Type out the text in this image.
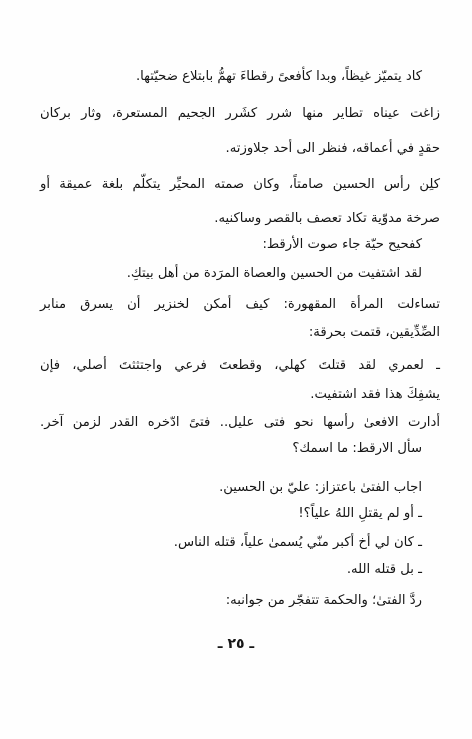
كاد يتميّز غيظاً، وبدا كأفعىً رقطاءَ تهمُّ بابتلاع ضحيّتها.
زاغت عيناه تطاير منها شرر كشَرر الجحيم المستعرة، وثار بركان
حقدٍ في أعماقه، فنظر الى أحد جلاوزته.
كلِن رأس الحسين صامتاً، وكان صمته المحيِّر يتكلّم بلغة عميقة أو
صرخة مدوّية تكاد تعصف بالقصر وساكنيه.
كفحيح حيّة جاء صوت الأرقط:
لقد اشتفيت من الحسين والعصاة المرَدة من أهل بيتكِ.
تساءلت المرأة المقهورة: كيف أمكن لخنزير أن يسرق منابر
الصِّدِّيقين، قتمت بحرقة:
ـ لعمري لقد قتلتَ كهلي، وقطعتَ فرعي واجتثثتَ أصلي، فإن
يشفِكَ هذا فقد اشتفيت.
أدارت الافعىٰ رأسها نحو فتى عليل.. فتىً ادّخره القدر لزمن آخر.
سأل الارقط: ما اسمك؟
اجاب الفتىٰ باعتزاز: عليّ بن الحسين.
ـ أو لم يقتلِ اللهُ علياً؟!
ـ كان لي أخ أكبر منّي يُسمىٰ علياً، قتله الناس.
ـ بل قتله الله.
ردَّ الفتىٰ؛ والحكمة تتفجّر من جوانبه:
ـ ٢٥ ـ
